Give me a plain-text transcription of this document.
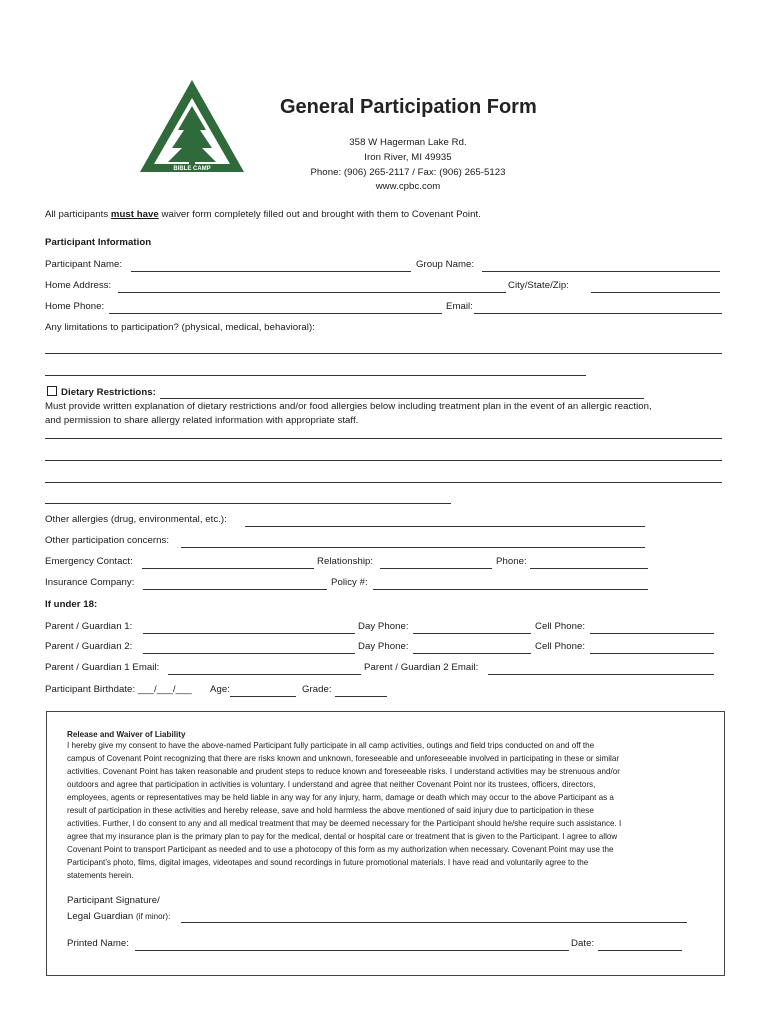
BIBLE CAMP
General Participation Form
358 W Hagerman Lake Rd.
Iron River, MI 49935
Phone: (906) 265-2117 / Fax: (906) 265-5123
www.cpbc.com
All participants must have waiver form completely filled out and brought with them to Covenant Point.
Participant Information
Participant Name:	Group Name:
Home Address:	City/State/Zip:
Home Phone:	Email:
Any limitations to participation? (physical, medical, behavioral):
Dietary Restrictions:
Must provide written explanation of dietary restrictions and/or food allergies below including treatment plan in the event of an allergic reaction,
and permission to share allergy related information with appropriate staff.
Other allergies (drug, environmental, etc.):
Other participation concerns:
Emergency Contact:	Relationship:	Phone:
Insurance Company:	Policy #:
If under 18:
Parent / Guardian 1:	Day Phone:	Cell Phone:
Parent / Guardian 2:	Day Phone:	Cell Phone:
Parent / Guardian 1 Email:	Parent / Guardian 2 Email:
Participant Birthdate: ___/___/___ Age:	Grade:
Release and Waiver of Liability
I hereby give my consent to have the above-named Participant fully participate in all camp activities, outings and field trips conducted on and off the
campus of Covenant Point recognizing that there are risks known and unknown, foreseeable and unforeseeable involved in participating in these or similar
activities. Covenant Point has taken reasonable and prudent steps to reduce known and foreseeable risks. I understand activities may be strenuous and/or
outdoors and agree that participation in activities is voluntary. I understand and agree that neither Covenant Point nor its trustees, officers, directors,
employees, agents or representatives may be held liable in any way for any injury, harm, damage or death which may occur to the above Participant as a
result of participation in these activities and hereby release, save and hold harmless the above mentioned of said injury due to participation in these
activities. Further, I do consent to any and all medical treatment that may be deemed necessary for the Participant should he/she require such assistance. I
agree that my insurance plan is the primary plan to pay for the medical, dental or hospital care or treatment that is given to the Participant. I agree to allow
Covenant Point to transport Participant as needed and to use a photocopy of this form as my authorization when necessary. Covenant Point may use the
Participant’s photo, films, digital images, videotapes and sound recordings in future promotional materials. I have read and voluntarily agree to the
statements herein.
Participant Signature/
Legal Guardian (if minor):
Printed Name:	Date:
